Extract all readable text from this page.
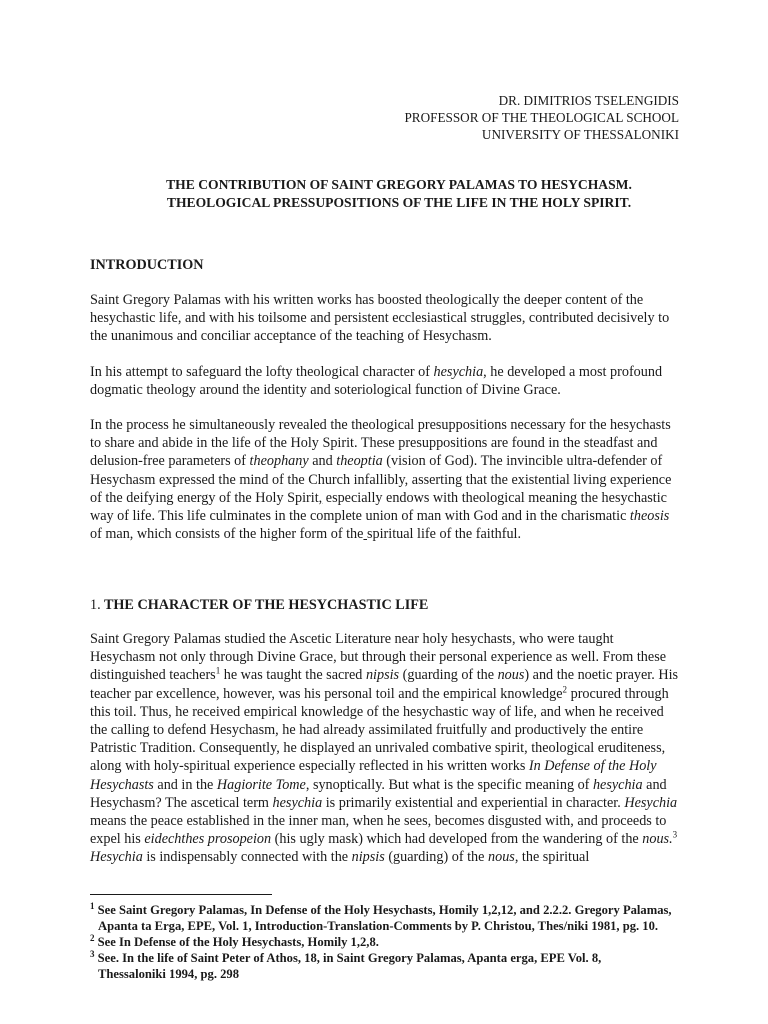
DR. DIMITRIOS TSELENGIDIS
PROFESSOR OF THE THEOLOGICAL SCHOOL
UNIVERSITY OF THESSALONIKI
THE CONTRIBUTION OF SAINT GREGORY PALAMAS TO HESYCHASM.
THEOLOGICAL PRESSUPOSITIONS OF THE LIFE IN THE HOLY SPIRIT.
INTRODUCTION

Saint Gregory Palamas with his written works has boosted theologically the deeper content of the hesychastic life, and with his toilsome and persistent ecclesiastical struggles, contributed decisively to the unanimous and conciliar acceptance of the teaching of Hesychasm.

In his attempt to safeguard the lofty theological character of hesychia, he developed a most profound dogmatic theology around the identity and soteriological function of Divine Grace.

In the process he simultaneously revealed the theological presuppositions necessary for the hesychasts to share and abide in the life of the Holy Spirit. These presuppositions are found in the steadfast and delusion-free parameters of theophany and theoptia (vision of God). The invincible ultra-defender of Hesychasm expressed the mind of the Church infallibly, asserting that the existential living experience of the deifying energy of the Holy Spirit, especially endows with theological meaning the hesychastic way of life. This life culminates in the complete union of man with God and in the charismatic theosis of man, which consists of the higher form of the spiritual life of the faithful.

1. THE CHARACTER OF THE HESYCHASTIC LIFE

Saint Gregory Palamas studied the Ascetic Literature near holy hesychasts, who were taught Hesychasm not only through Divine Grace, but through their personal experience as well. From these distinguished teachers$^1$ he was taught the sacred nipsis (guarding of the nous) and the noetic prayer. His teacher par excellence, however, was his personal toil and the empirical knowledge$^2$ procured through this toil. Thus, he received empirical knowledge of the hesychastic way of life, and when he received the calling to defend Hesychasm, he had already assimilated fruitfully and productively the entire Patristic Tradition. Consequently, he displayed an unrivaled combative spirit, theological eruditeness, along with holy-spiritual experience especially reflected in his written works In Defense of the Holy Hesychasts and in the Hagiorite Tome, synoptically. But what is the specific meaning of hesychia and Hesychasm? The ascetical term hesychia is primarily existential and experiential in character. Hesychia means the peace established in the inner man, when he sees, becomes disgusted with, and proceeds to expel his eidechthes prosopeion (his ugly mask) which had developed from the wandering of the nous.$^3$ Hesychia is indispensably connected with the nipsis (guarding) of the nous, the spiritual

$^1$ See Saint Gregory Palamas, In Defense of the Holy Hesychasts, Homily 1,2,12, and 2.2.2. Gregory Palamas,
Apanta ta Erga, EPE, Vol. 1, Introduction-Translation-Comments by P. Christou, Thes/niki 1981, pg. 10.

$^2$ See In Defense of the Holy Hesychasts, Homily 1,2,8.

$^3$ See. In the life of Saint Peter of Athos, 18, in Saint Gregory Palamas, Apanta erga, EPE Vol. 8,
Thessaloniki 1994, pg. 298
